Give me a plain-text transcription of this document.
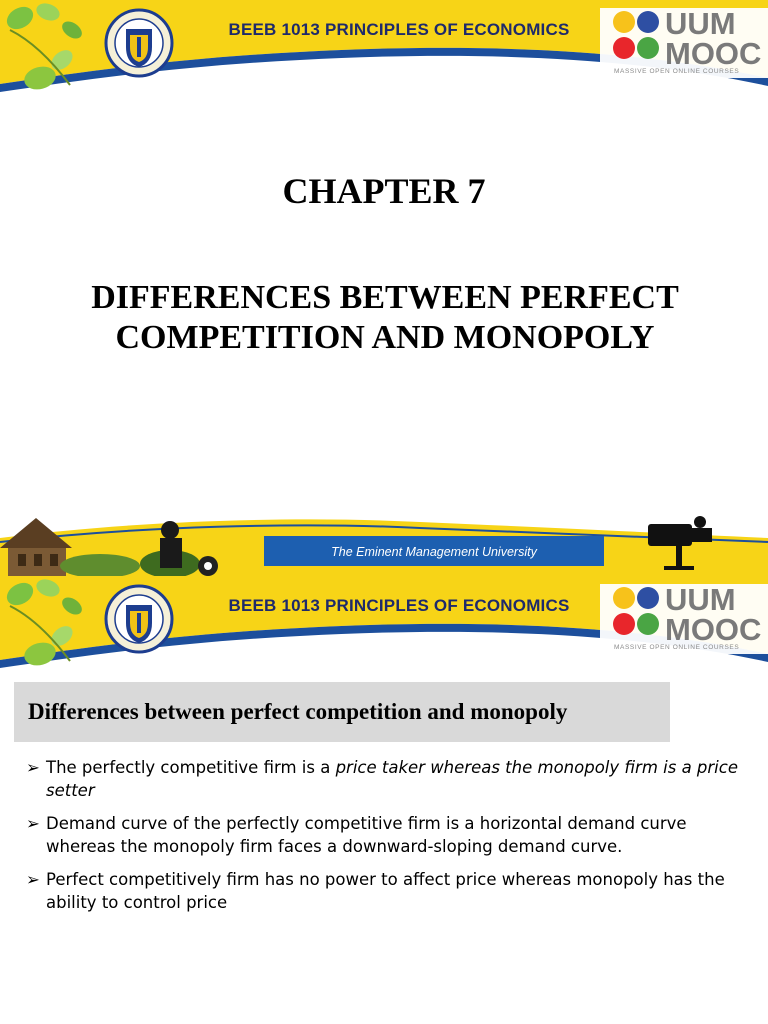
BEEB 1013 PRINCIPLES OF ECONOMICS	UUM
MOOC
MASSIVE OPEN ONLINE COURSES
CHAPTER 7
DIFFERENCES BETWEEN PERFECT
COMPETITION AND MONOPOLY
The Eminent Management University
BEEB 1013 PRINCIPLES OF ECONOMICS	UUM
MOOC
MASSIVE OPEN ONLINE COURSES
Differences between perfect competition and monopoly
➢ The perfectly competitive firm is a price taker whereas the monopoly firm is a price setter
➢ Demand curve of the perfectly competitive firm is a horizontal demand curve whereas the monopoly firm faces a downward-sloping demand curve.
➢ Perfect competitively firm has no power to affect price whereas monopoly has the ability to control price
